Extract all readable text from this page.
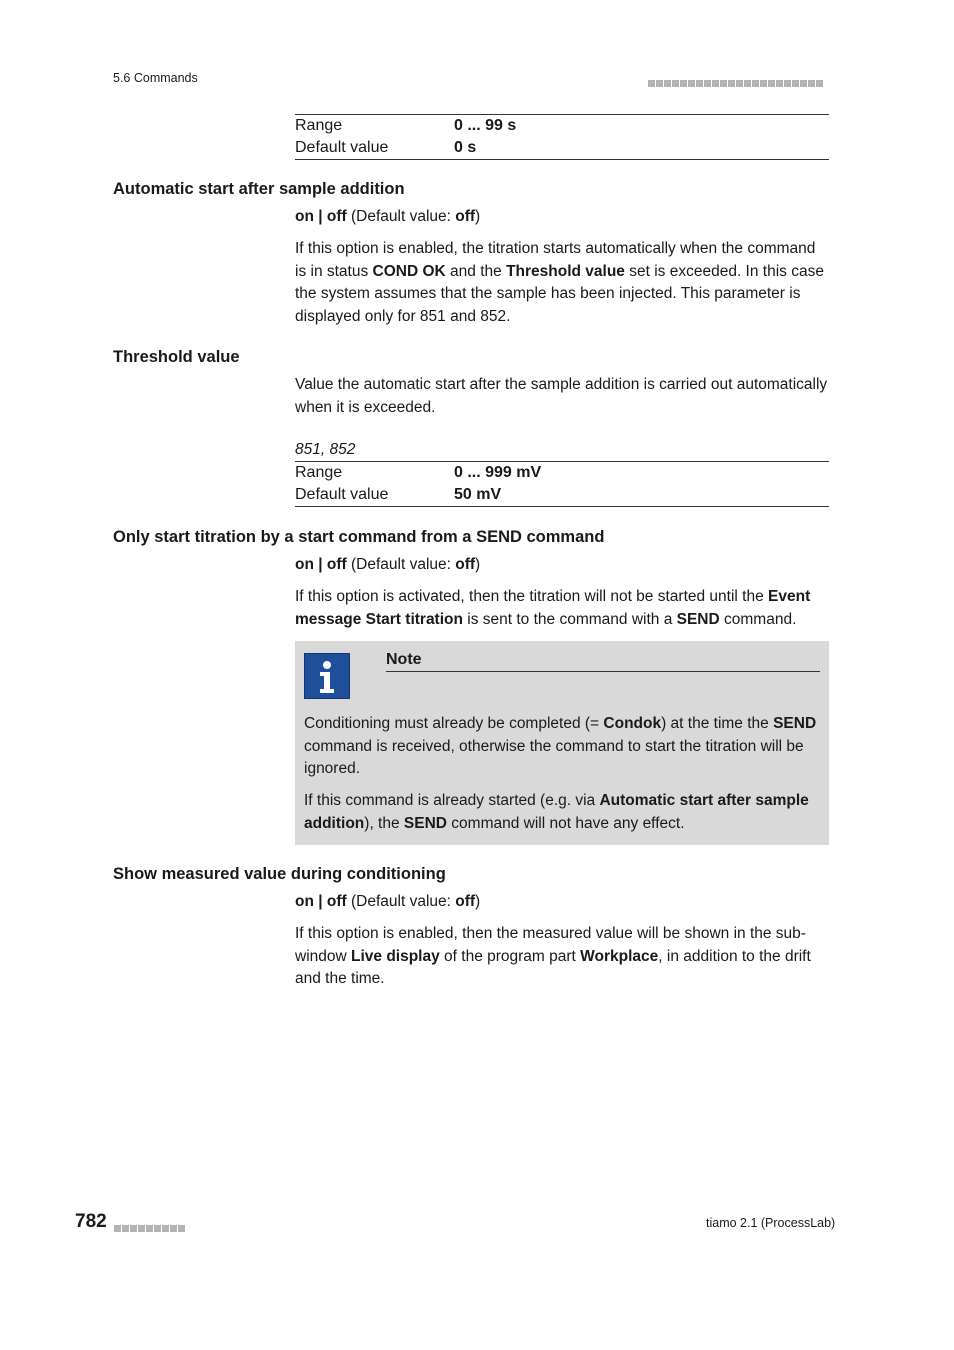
5.6 Commands
Range	0 ... 99 s
Default value	0 s
Automatic start after sample addition
on | off (Default value: off)
If this option is enabled, the titration starts automatically when the command is in status COND OK and the Threshold value set is exceeded. In this case the system assumes that the sample has been injected. This parameter is displayed only for 851 and 852.
Threshold value
Value the automatic start after the sample addition is carried out automatically when it is exceeded.
851, 852
Range	0 ... 999 mV
Default value	50 mV
Only start titration by a start command from a SEND command
on | off (Default value: off)
If this option is activated, then the titration will not be started until the Event message Start titration is sent to the command with a SEND command.
Note
Conditioning must already be completed (= Condok) at the time the SEND command is received, otherwise the command to start the titration will be ignored.
If this command is already started (e.g. via Automatic start after sample addition), the SEND command will not have any effect.
Show measured value during conditioning
on | off (Default value: off)
If this option is enabled, then the measured value will be shown in the subwindow Live display of the program part Workplace, in addition to the drift and the time.
782	tiamo 2.1 (ProcessLab)
